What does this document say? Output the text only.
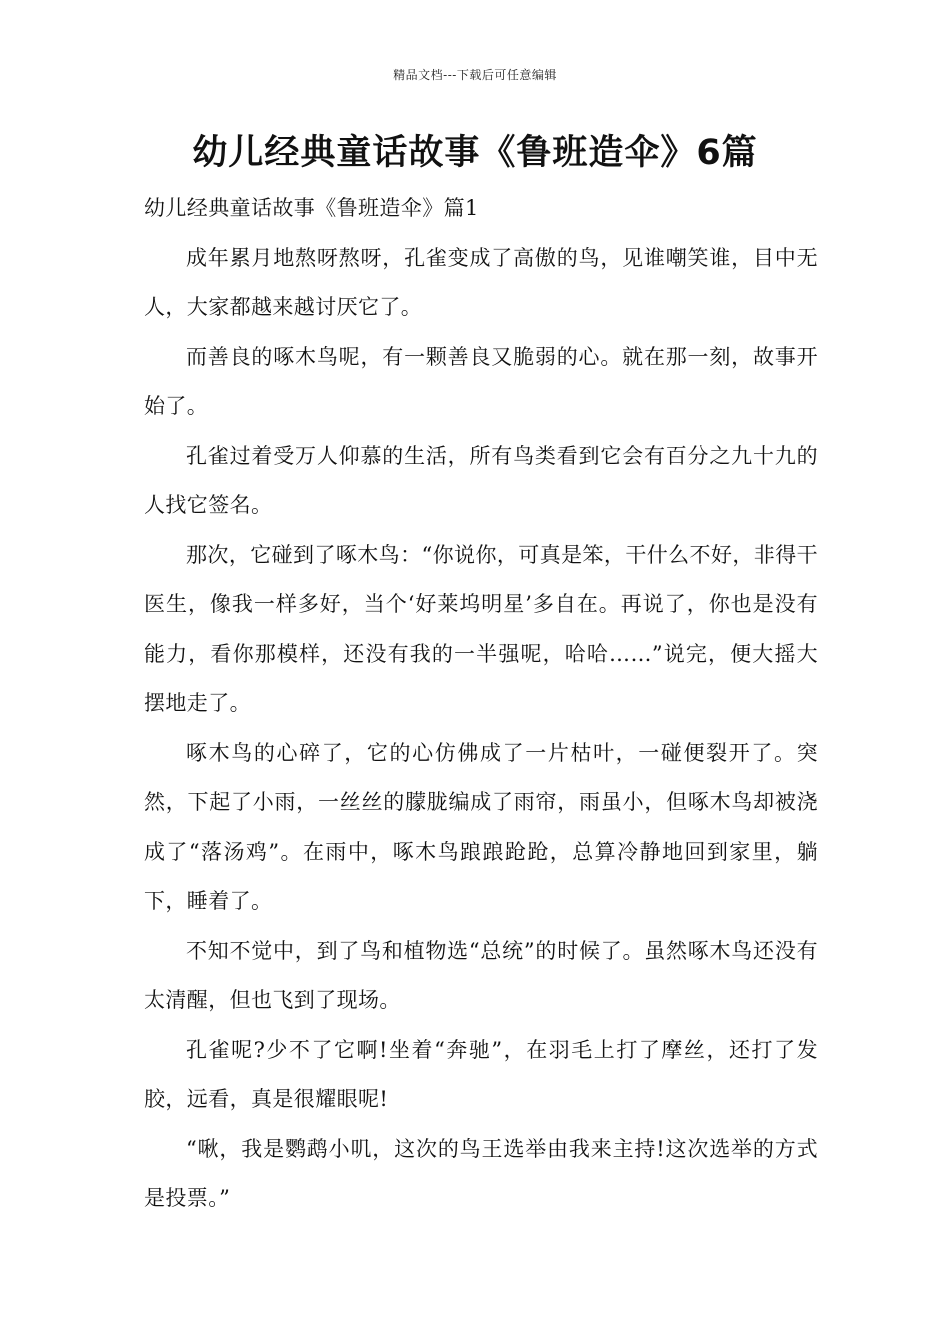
精品文档---下载后可任意编辑
幼儿经典童话故事《鲁班造伞》6篇

幼儿经典童话故事《鲁班造伞》篇1

成年累月地熬呀熬呀，孔雀变成了高傲的鸟，见谁嘲笑谁，目中无人，大家都越来越讨厌它了。

而善良的啄木鸟呢，有一颗善良又脆弱的心。就在那一刻，故事开始了。

孔雀过着受万人仰慕的生活，所有鸟类看到它会有百分之九十九的人找它签名。

那次，它碰到了啄木鸟：“你说你，可真是笨，干什么不好，非得干医生，像我一样多好，当个‘好莱坞明星’多自在。再说了，你也是没有能力，看你那模样，还没有我的一半强呢，哈哈……”说完，便大摇大摆地走了。

啄木鸟的心碎了，它的心仿佛成了一片枯叶，一碰便裂开了。突然，下起了小雨，一丝丝的朦胧编成了雨帘，雨虽小，但啄木鸟却被浇成了“落汤鸡”。在雨中，啄木鸟踉踉跄跄，总算冷静地回到家里，躺下，睡着了。

不知不觉中，到了鸟和植物选“总统”的时候了。虽然啄木鸟还没有太清醒，但也飞到了现场。

孔雀呢?少不了它啊!坐着“奔驰”，在羽毛上打了摩丝，还打了发胶，远看，真是很耀眼呢!

“啾，我是鹦鹉小叽，这次的鸟王选举由我来主持!这次选举的方式是投票。”
